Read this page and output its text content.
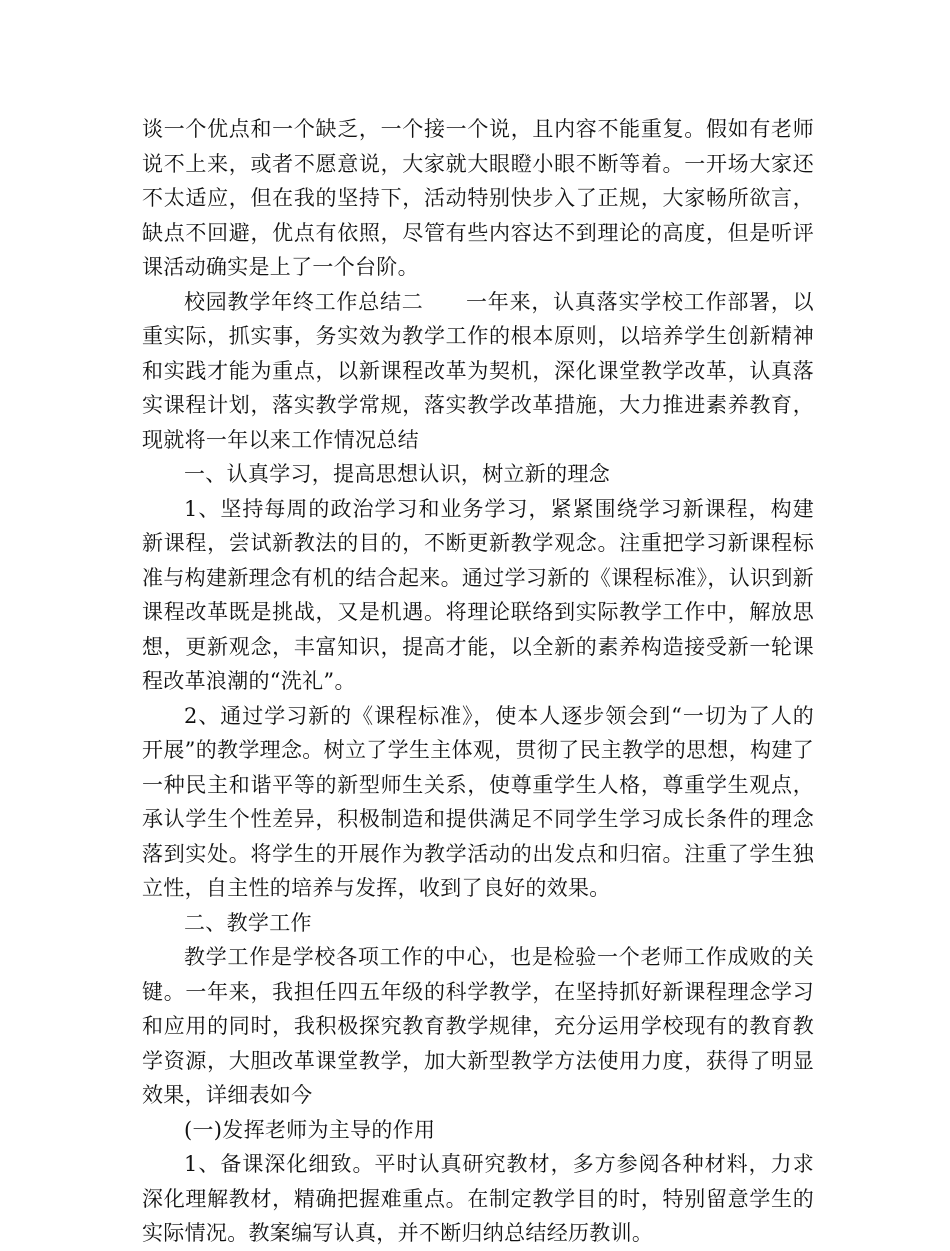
谈一个优点和一个缺乏，一个接一个说，且内容不能重复。假如有老师说不上来，或者不愿意说，大家就大眼瞪小眼不断等着。一开场大家还不太适应，但在我的坚持下，活动特别快步入了正规，大家畅所欲言，缺点不回避，优点有依照，尽管有些内容达不到理论的高度，但是听评课活动确实是上了一个台阶。

校园教学年终工作总结二 一年来，认真落实学校工作部署，以重实际，抓实事，务实效为教学工作的根本原则，以培养学生创新精神和实践才能为重点，以新课程改革为契机，深化课堂教学改革，认真落实课程计划，落实教学常规，落实教学改革措施，大力推进素养教育，现就将一年以来工作情况总结

一、认真学习，提高思想认识，树立新的理念

1、坚持每周的政治学习和业务学习，紧紧围绕学习新课程，构建新课程，尝试新教法的目的，不断更新教学观念。注重把学习新课程标准与构建新理念有机的结合起来。通过学习新的《课程标准》，认识到新课程改革既是挑战，又是机遇。将理论联络到实际教学工作中，解放思想，更新观念，丰富知识，提高才能，以全新的素养构造接受新一轮课程改革浪潮的“洗礼”。

2、通过学习新的《课程标准》，使本人逐步领会到“一切为了人的开展”的教学理念。树立了学生主体观，贯彻了民主教学的思想，构建了一种民主和谐平等的新型师生关系，使尊重学生人格，尊重学生观点，承认学生个性差异，积极制造和提供满足不同学生学习成长条件的理念落到实处。将学生的开展作为教学活动的出发点和归宿。注重了学生独立性，自主性的培养与发挥，收到了良好的效果。

二、教学工作

教学工作是学校各项工作的中心，也是检验一个老师工作成败的关键。一年来，我担任四五年级的科学教学，在坚持抓好新课程理念学习和应用的同时，我积极探究教育教学规律，充分运用学校现有的教育教学资源，大胆改革课堂教学，加大新型教学方法使用力度，获得了明显效果，详细表如今

(一)发挥老师为主导的作用

1、备课深化细致。平时认真研究教材，多方参阅各种材料，力求深化理解教材，精确把握难重点。在制定教学目的时，特别留意学生的实际情况。教案编写认真，并不断归纳总结经历教训。
